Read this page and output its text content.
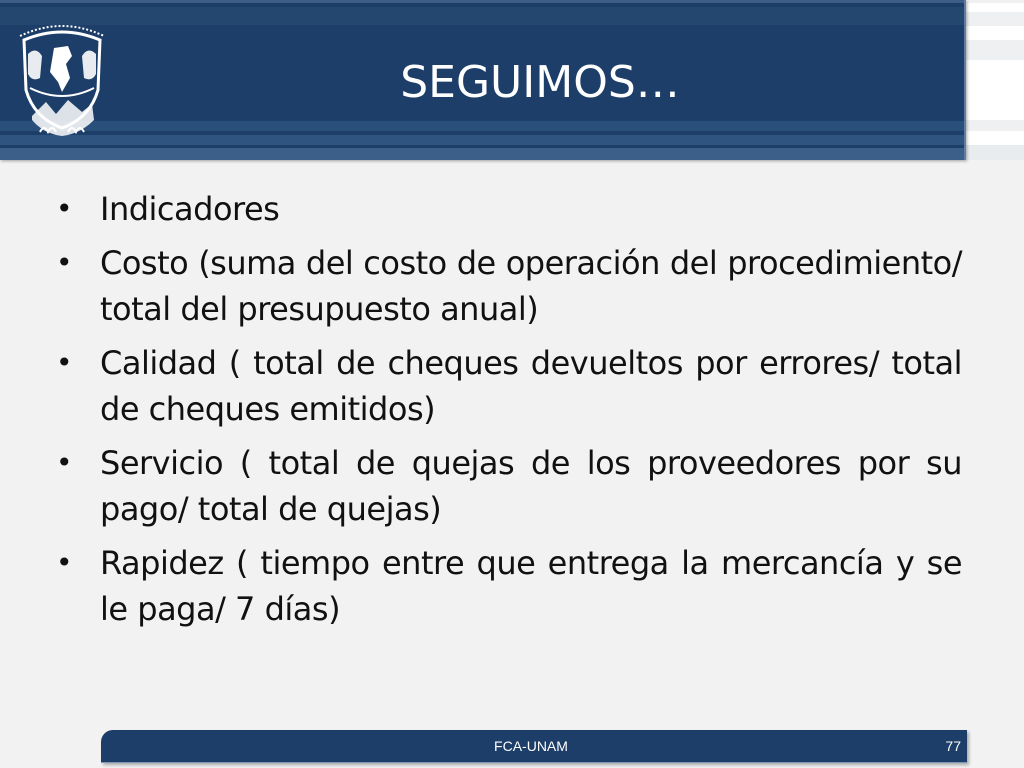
SEGUIMOS…
• Indicadores
• Costo (suma del costo de operación del procedimiento/ total del presupuesto anual)
• Calidad ( total de cheques devueltos por errores/ total de cheques emitidos)
• Servicio ( total de quejas de los proveedores por su pago/ total de quejas)
• Rapidez ( tiempo entre que entrega la mercancía y se le paga/ 7 días)
FCA-UNAM	77
